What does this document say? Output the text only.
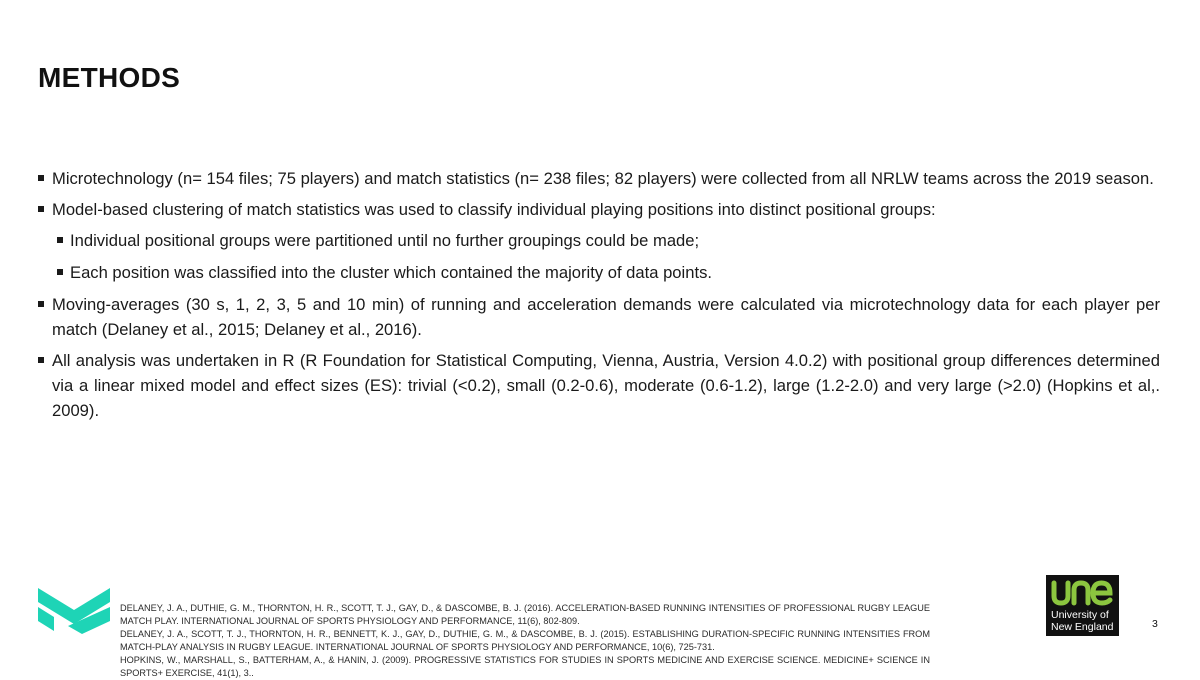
METHODS
Microtechnology (n= 154 files; 75 players) and match statistics (n= 238 files; 82 players) were collected from all NRLW teams across the 2019 season.
Model-based clustering of match statistics was used to classify individual playing positions into distinct positional groups:
Individual positional groups were partitioned until no further groupings could be made;
Each position was classified into the cluster which contained the majority of data points.
Moving-averages (30 s, 1, 2, 3, 5 and 10 min) of running and acceleration demands were calculated via microtechnology data for each player per match (Delaney et al., 2015; Delaney et al., 2016).
All analysis was undertaken in R (R Foundation for Statistical Computing, Vienna, Austria, Version 4.0.2) with positional group differences determined via a linear mixed model and effect sizes (ES): trivial (<0.2), small (0.2-0.6), moderate (0.6-1.2), large (1.2-2.0) and very large (>2.0) (Hopkins et al,. 2009).
DELANEY, J. A., DUTHIE, G. M., THORNTON, H. R., SCOTT, T. J., GAY, D., & DASCOMBE, B. J. (2016). ACCELERATION-BASED RUNNING INTENSITIES OF PROFESSIONAL RUGBY LEAGUE MATCH PLAY. INTERNATIONAL JOURNAL OF SPORTS PHYSIOLOGY AND PERFORMANCE, 11(6), 802-809.
DELANEY, J. A., SCOTT, T. J., THORNTON, H. R., BENNETT, K. J., GAY, D., DUTHIE, G. M., & DASCOMBE, B. J. (2015). ESTABLISHING DURATION-SPECIFIC RUNNING INTENSITIES FROM MATCH-PLAY ANALYSIS IN RUGBY LEAGUE. INTERNATIONAL JOURNAL OF SPORTS PHYSIOLOGY AND PERFORMANCE, 10(6), 725-731.
HOPKINS, W., MARSHALL, S., BATTERHAM, A., & HANIN, J. (2009). PROGRESSIVE STATISTICS FOR STUDIES IN SPORTS MEDICINE AND EXERCISE SCIENCE. MEDICINE+ SCIENCE IN SPORTS+ EXERCISE, 41(1), 3..
University of
New England	3
